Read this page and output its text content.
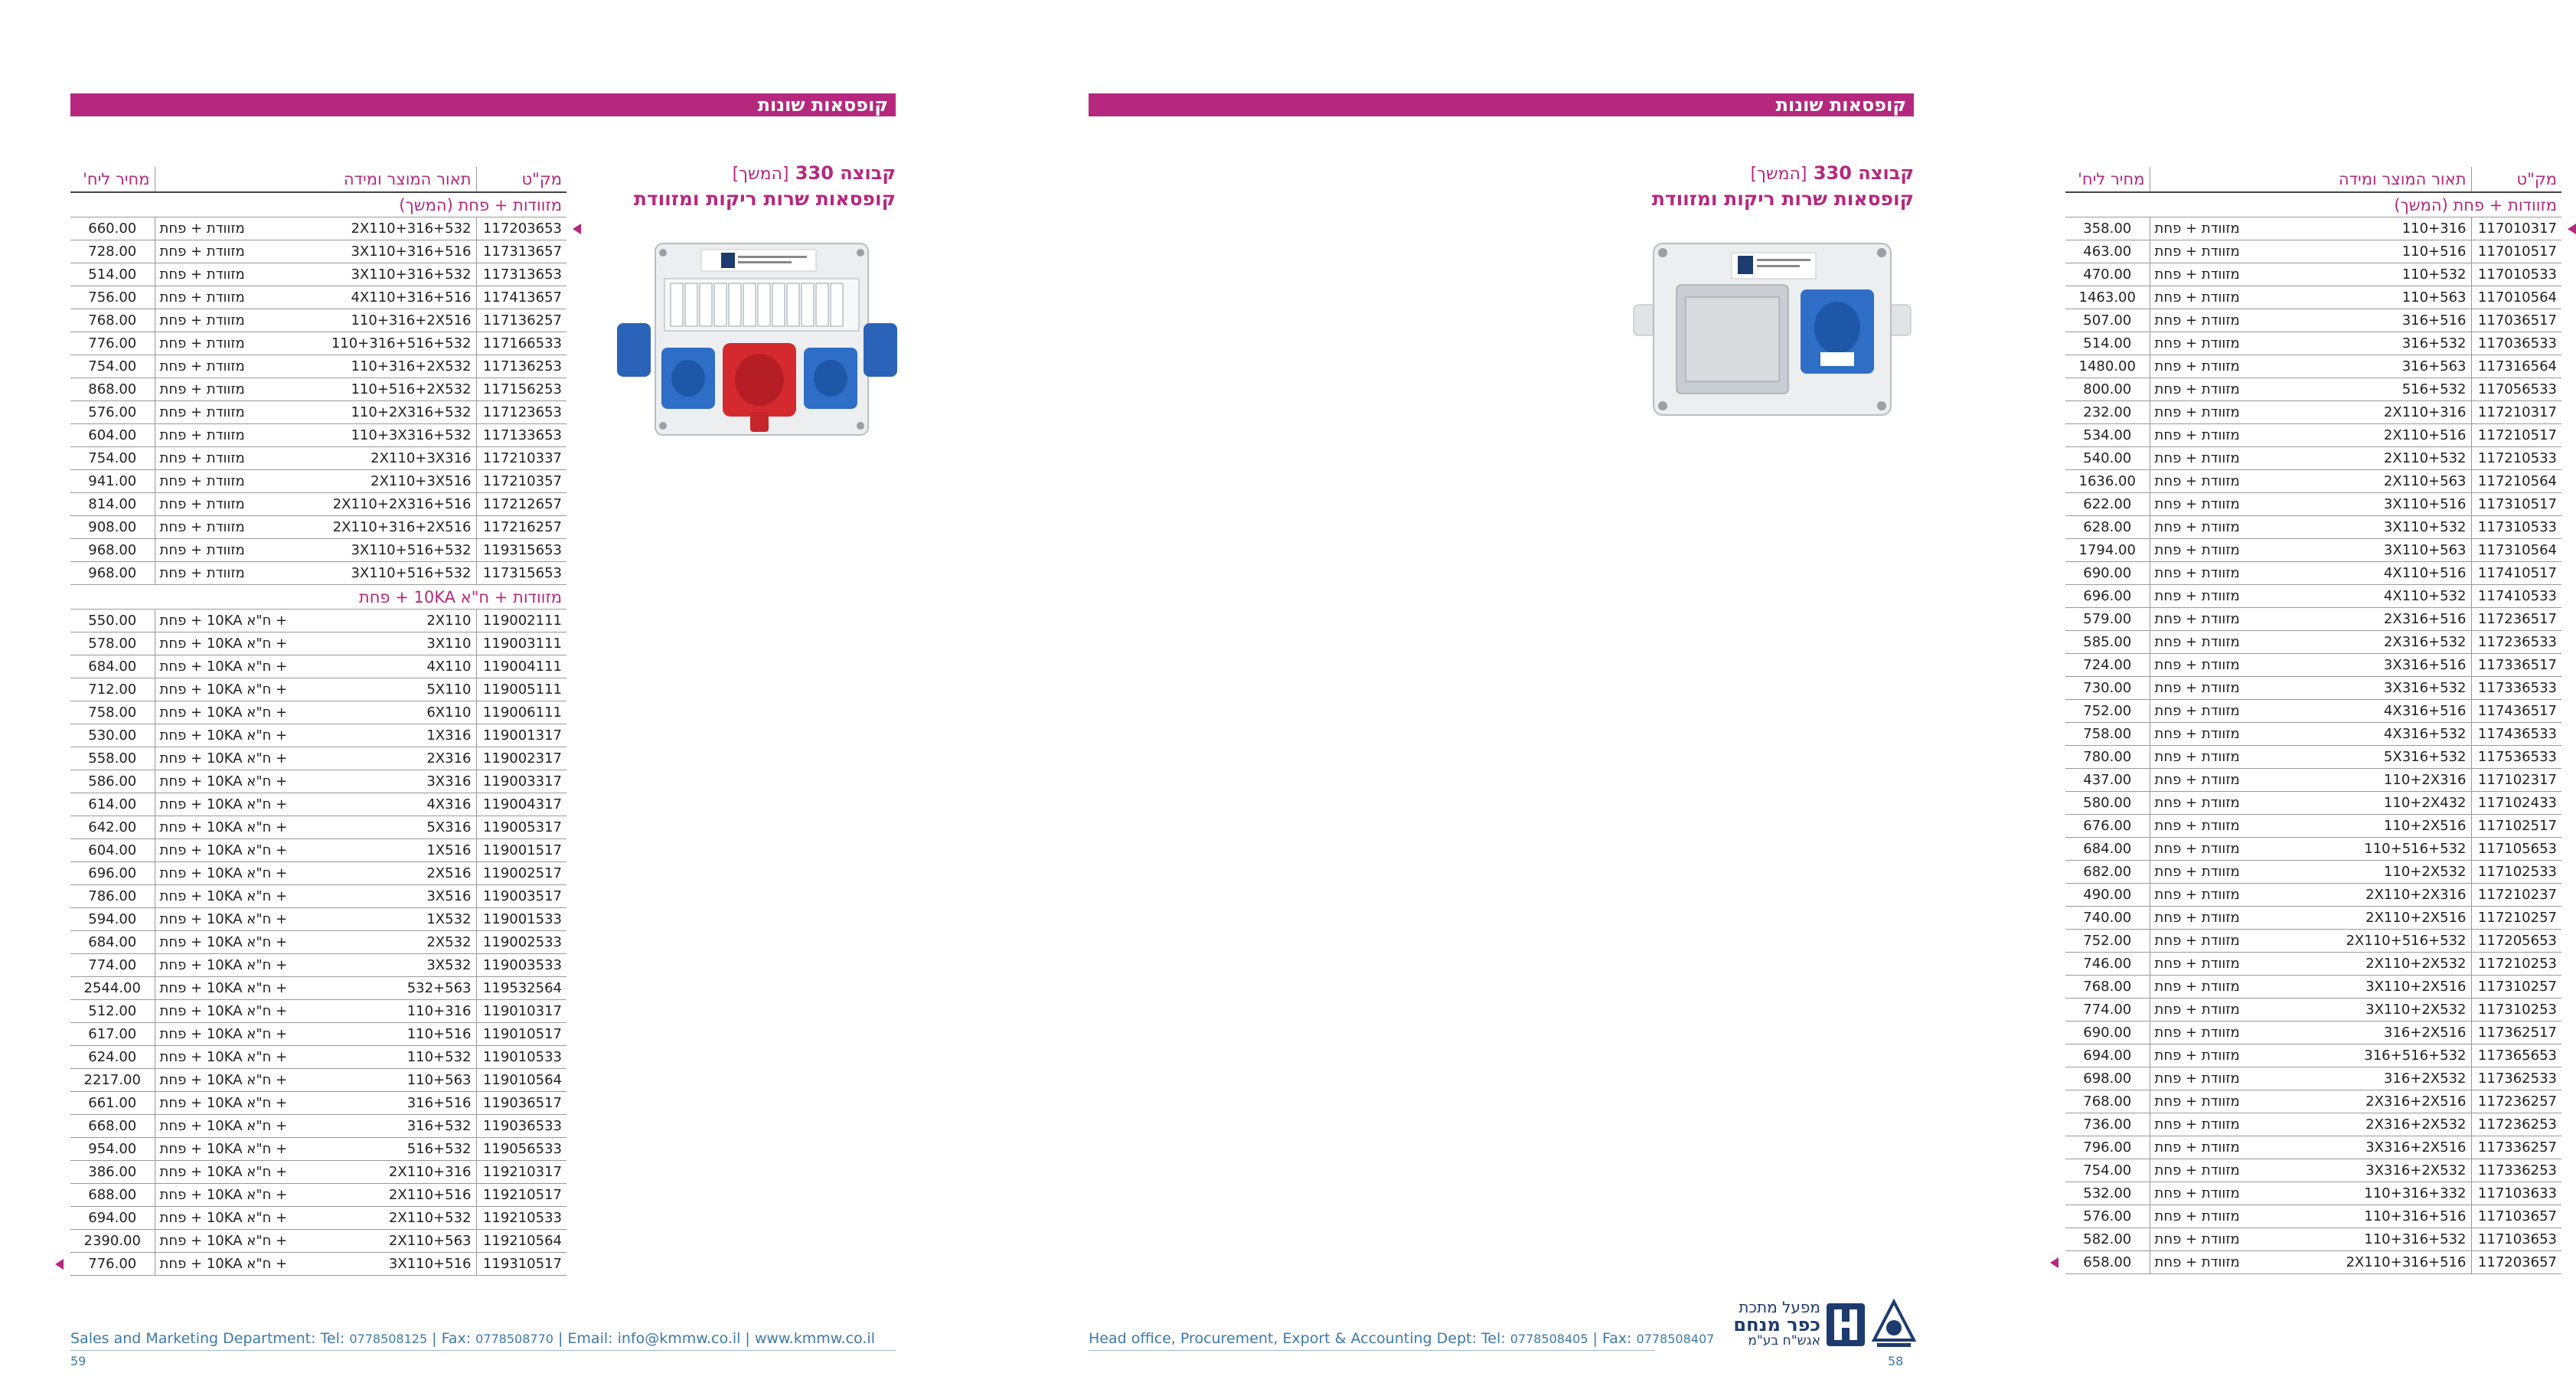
קופסאות שונות
קבוצה 330 [המשך]
קופסאות שרות ריקות ומזוודת
מחיר ליח'	תאור המוצר ומידה	מק"ט
מזוודות + פחת (המשך)		
660.00	מזוודת + פחת 2X110+316+532	117203653
728.00	מזוודת + פחת 3X110+316+516	117313657
514.00	מזוודת + פחת 3X110+316+532	117313653
756.00	מזוודת + פחת 4X110+316+516	117413657
768.00	מזוודת + פחת 110+316+2X516	117136257
776.00	מזוודת + פחת 110+316+516+532	117166533
754.00	מזוודת + פחת 110+316+2X532	117136253
868.00	מזוודת + פחת 110+516+2X532	117156253
576.00	מזוודת + פחת 110+2X316+532	117123653
604.00	מזוודת + פחת 110+3X316+532	117133653
754.00	מזוודת + פחת 2X110+3X316	117210337
941.00	מזוודת + פחת 2X110+3X516	117210357
814.00	מזוודת + פחת 2X110+2X316+516	117212657
908.00	מזוודת + פחת 2X110+316+2X516	117216257
968.00	מזוודת + פחת 3X110+516+532	119315653
968.00	מזוודת + פחת 3X110+516+532	117315653
מזוודות + ח"א 10KA + פחת		
550.00	+ ח"א 10KA + פחת 2X110	119002111
578.00	+ ח"א 10KA + פחת 3X110	119003111
684.00	+ ח"א 10KA + פחת 4X110	119004111
712.00	+ ח"א 10KA + פחת 5X110	119005111
758.00	+ ח"א 10KA + פחת 6X110	119006111
530.00	+ ח"א 10KA + פחת 1X316	119001317
558.00	+ ח"א 10KA + פחת 2X316	119002317
586.00	+ ח"א 10KA + פחת 3X316	119003317
614.00	+ ח"א 10KA + פחת 4X316	119004317
642.00	+ ח"א 10KA + פחת 5X316	119005317
604.00	+ ח"א 10KA + פחת 1X516	119001517
696.00	+ ח"א 10KA + פחת 2X516	119002517
786.00	+ ח"א 10KA + פחת 3X516	119003517
594.00	+ ח"א 10KA + פחת 1X532	119001533
684.00	+ ח"א 10KA + פחת 2X532	119002533
774.00	+ ח"א 10KA + פחת 3X532	119003533
2544.00	+ ח"א 10KA + פחת 532+563	119532564
512.00	+ ח"א 10KA + פחת 110+316	119010317
617.00	+ ח"א 10KA + פחת 110+516	119010517
624.00	+ ח"א 10KA + פחת 110+532	119010533
2217.00	+ ח"א 10KA + פחת 110+563	119010564
661.00	+ ח"א 10KA + פחת 316+516	119036517
668.00	+ ח"א 10KA + פחת 316+532	119036533
954.00	+ ח"א 10KA + פחת 516+532	119056533
386.00	+ ח"א 10KA + פחת 2X110+316	119210317
688.00	+ ח"א 10KA + פחת 2X110+516	119210517
694.00	+ ח"א 10KA + פחת 2X110+532	119210533
2390.00	+ ח"א 10KA + פחת 2X110+563	119210564
776.00	+ ח"א 10KA + פחת 3X110+516	119310517
Sales and Marketing Department: Tel: 0778508125 | Fax: 0778508770 | Email: info@kmmw.co.il | www.kmmw.co.il
59
קופסאות שונות
קבוצה 330 [המשך]
קופסאות שרות ריקות ומזוודת
מחיר ליח'	תאור המוצר ומידה	מק"ט
מזוודות + פחת (המשך)		
358.00	מזוודת + פחת 110+316	117010317
463.00	מזוודת + פחת 110+516	117010517
470.00	מזוודת + פחת 110+532	117010533
1463.00	מזוודת + פחת 110+563	117010564
507.00	מזוודת + פחת 316+516	117036517
514.00	מזוודת + פחת 316+532	117036533
1480.00	מזוודת + פחת 316+563	117316564
800.00	מזוודת + פחת 516+532	117056533
232.00	מזוודת + פחת 2X110+316	117210317
534.00	מזוודת + פחת 2X110+516	117210517
540.00	מזוודת + פחת 2X110+532	117210533
1636.00	מזוודת + פחת 2X110+563	117210564
622.00	מזוודת + פחת 3X110+516	117310517
628.00	מזוודת + פחת 3X110+532	117310533
1794.00	מזוודת + פחת 3X110+563	117310564
690.00	מזוודת + פחת 4X110+516	117410517
696.00	מזוודת + פחת 4X110+532	117410533
579.00	מזוודת + פחת 2X316+516	117236517
585.00	מזוודת + פחת 2X316+532	117236533
724.00	מזוודת + פחת 3X316+516	117336517
730.00	מזוודת + פחת 3X316+532	117336533
752.00	מזוודת + פחת 4X316+516	117436517
758.00	מזוודת + פחת 4X316+532	117436533
780.00	מזוודת + פחת 5X316+532	117536533
437.00	מזוודת + פחת 110+2X316	117102317
580.00	מזוודת + פחת 110+2X432	117102433
676.00	מזוודת + פחת 110+2X516	117102517
684.00	מזוודת + פחת 110+516+532	117105653
682.00	מזוודת + פחת 110+2X532	117102533
490.00	מזוודת + פחת 2X110+2X316	117210237
740.00	מזוודת + פחת 2X110+2X516	117210257
752.00	מזוודת + פחת 2X110+516+532	117205653
746.00	מזוודת + פחת 2X110+2X532	117210253
768.00	מזוודת + פחת 3X110+2X516	117310257
774.00	מזוודת + פחת 3X110+2X532	117310253
690.00	מזוודת + פחת 316+2X516	117362517
694.00	מזוודת + פחת 316+516+532	117365653
698.00	מזוודת + פחת 316+2X532	117362533
768.00	מזוודת + פחת 2X316+2X516	117236257
736.00	מזוודת + פחת 2X316+2X532	117236253
796.00	מזוודת + פחת 3X316+2X516	117336257
754.00	מזוודת + פחת 3X316+2X532	117336253
532.00	מזוודת + פחת 110+316+332	117103633
576.00	מזוודת + פחת 110+316+516	117103657
582.00	מזוודת + פחת 110+316+532	117103653
658.00	מזוודת + פחת 2X110+316+516	117203657
מפעל מתכת
כפר מנחם
אגש"ח בע"מ
Head office, Procurement, Export & Accounting Dept: Tel: 0778508405 | Fax: 0778508407
58
